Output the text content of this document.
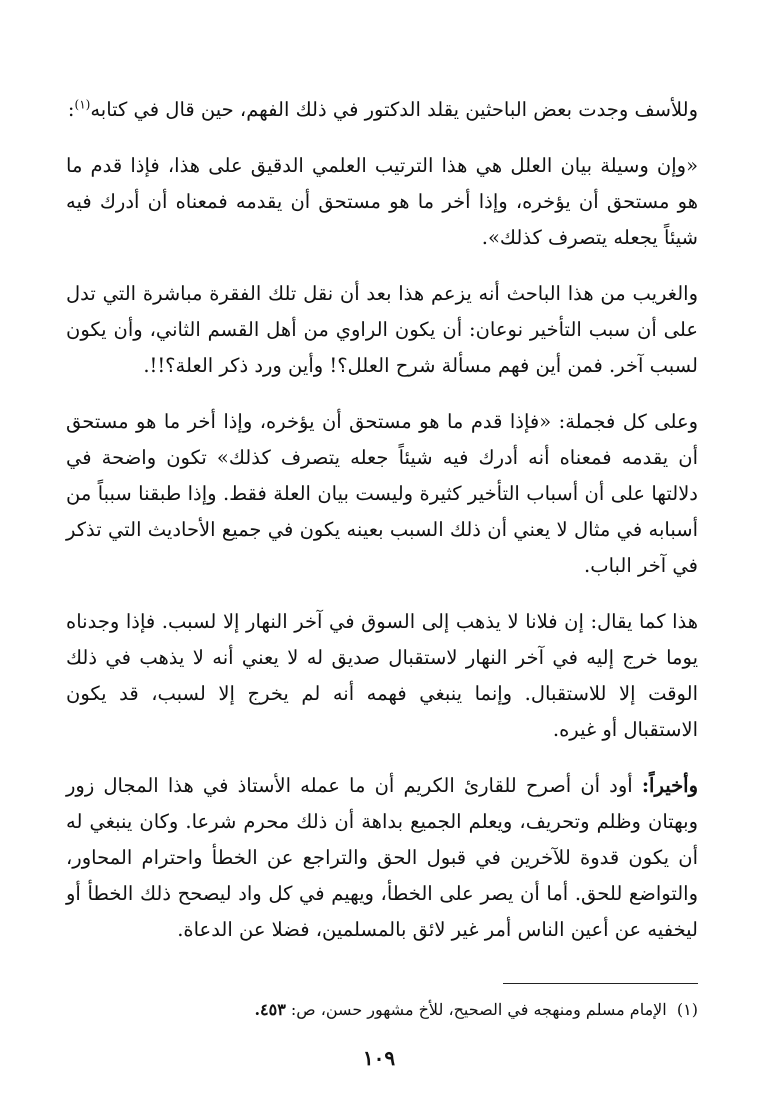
وللأسف وجدت بعض الباحثين يقلد الدكتور في ذلك الفهم، حين قال في كتابه$^{(١)}$:

«وإن وسيلة بيان العلل هي هذا الترتيب العلمي الدقيق على هذا، فإذا قدم ما هو مستحق أن يؤخره، وإذا أخر ما هو مستحق أن يقدمه فمعناه أن أدرك فيه شيئاً يجعله يتصرف كذلك».

والغريب من هذا الباحث أنه يزعم هذا بعد أن نقل تلك الفقرة مباشرة التي تدل على أن سبب التأخير نوعان: أن يكون الراوي من أهل القسم الثاني، وأن يكون لسبب آخر. فمن أين فهم مسألة شرح العلل؟! وأين ورد ذكر العلة؟!!.

وعلى كل فجملة: «فإذا قدم ما هو مستحق أن يؤخره، وإذا أخر ما هو مستحق أن يقدمه فمعناه أنه أدرك فيه شيئاً جعله يتصرف كذلك» تكون واضحة في دلالتها على أن أسباب التأخير كثيرة وليست بيان العلة فقط. وإذا طبقنا سبباً من أسبابه في مثال لا يعني أن ذلك السبب بعينه يكون في جميع الأحاديث التي تذكر في آخر الباب.

هذا كما يقال: إن فلانا لا يذهب إلى السوق في آخر النهار إلا لسبب. فإذا وجدناه يوما خرج إليه في آخر النهار لاستقبال صديق له لا يعني أنه لا يذهب في ذلك الوقت إلا للاستقبال. وإنما ينبغي فهمه أنه لم يخرج إلا لسبب، قد يكون الاستقبال أو غيره.

وأخيراً: أود أن أصرح للقارئ الكريم أن ما عمله الأستاذ في هذا المجال زور وبهتان وظلم وتحريف، ويعلم الجميع بداهة أن ذلك محرم شرعا. وكان ينبغي له أن يكون قدوة للآخرين في قبول الحق والتراجع عن الخطأ واحترام المحاور، والتواضع للحق. أما أن يصر على الخطأ، ويهيم في كل واد ليصحح ذلك الخطأ أو ليخفيه عن أعين الناس أمر غير لائق بالمسلمين، فضلا عن الدعاة.

(١)  الإمام مسلم ومنهجه في الصحيح، للأخ مشهور حسن، ص: ٤٥٣.
١٠٩
